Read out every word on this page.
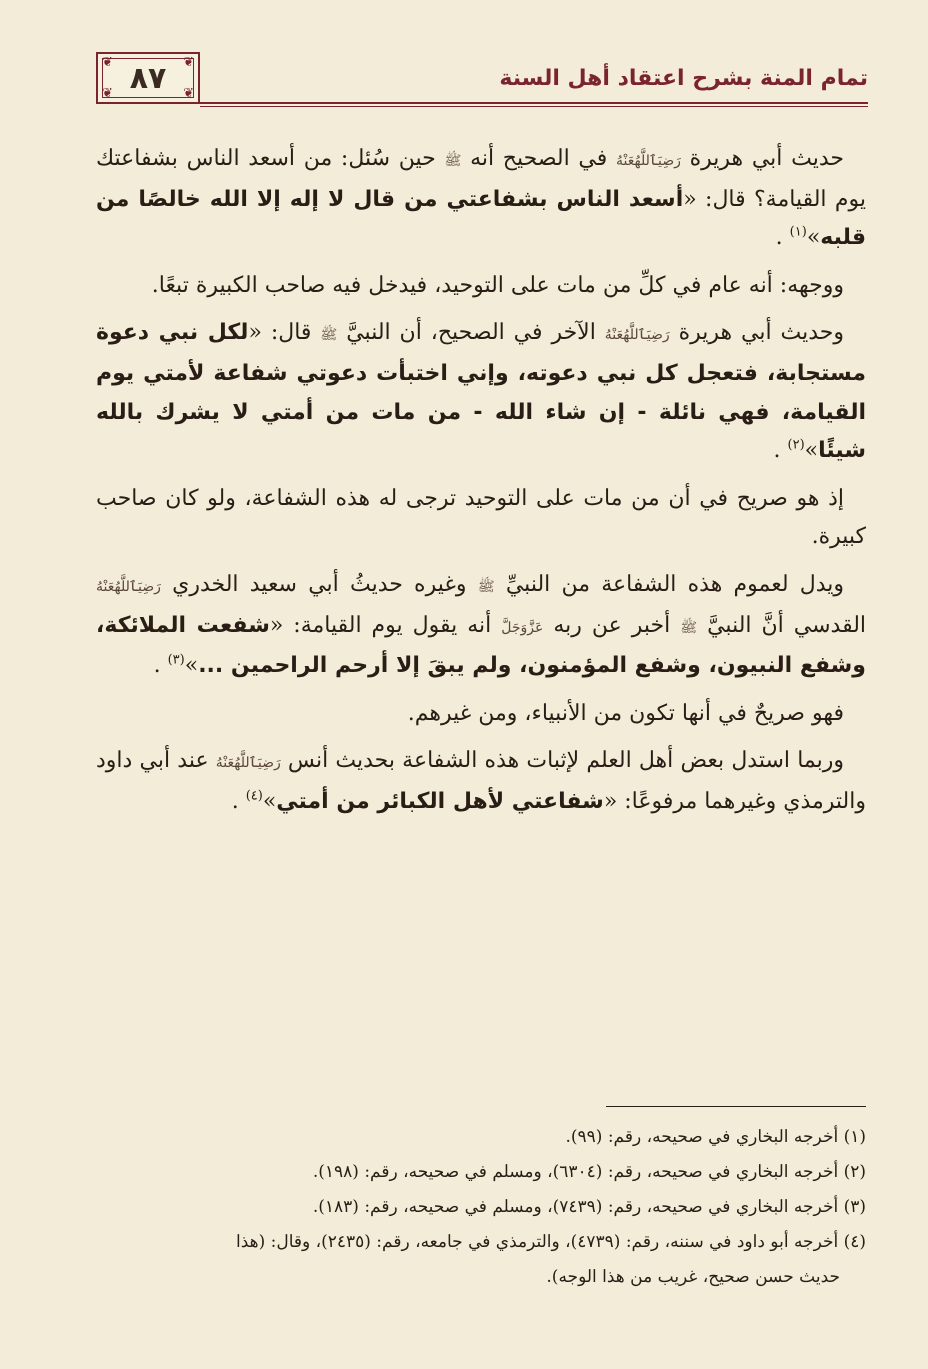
❦	❦
❦	❦
٨٧	تمام المنة بشرح اعتقاد أهل السنة

حديث أبي هريرة رَضِيَٱللَّهُعَنْهُ في الصحيح أنه ﷺ حين سُئل: من أسعد الناس بشفاعتك يوم القيامة؟ قال: «أسعد الناس بشفاعتي من قال لا إله إلا الله خالصًا من قلبه»$^{(١)}$ .

ووجهه: أنه عام في كلِّ من مات على التوحيد، فيدخل فيه صاحب الكبيرة تبعًا.

وحديث أبي هريرة رَضِيَٱللَّهُعَنْهُ الآخر في الصحيح، أن النبيَّ ﷺ قال: «لكل نبي دعوة مستجابة، فتعجل كل نبي دعوته، وإني اختبأت دعوتي شفاعة لأمتي يوم القيامة، فهي نائلة - إن شاء الله - من مات من أمتي لا يشرك بالله شيئًا»$^{(٢)}$ .

إذ هو صريح في أن من مات على التوحيد ترجى له هذه الشفاعة، ولو كان صاحب كبيرة.

ويدل لعموم هذه الشفاعة من النبيِّ ﷺ وغيره حديثُ أبي سعيد الخدري رَضِيَٱللَّهُعَنْهُ القدسي أنَّ النبيَّ ﷺ أخبر عن ربه عَزَّوَجَلَّ أنه يقول يوم القيامة: «شفعت الملائكة، وشفع النبيون، وشفع المؤمنون، ولم يبقَ إلا أرحم الراحمين ...»$^{(٣)}$ .

فهو صريحٌ في أنها تكون من الأنبياء، ومن غيرهم.

وربما استدل بعض أهل العلم لإثبات هذه الشفاعة بحديث أنس رَضِيَٱللَّهُعَنْهُ عند أبي داود والترمذي وغيرهما مرفوعًا: «شفاعتي لأهل الكبائر من أمتي»$^{(٤)}$ .

(١) أخرجه البخاري في صحيحه، رقم: (٩٩).

(٢) أخرجه البخاري في صحيحه، رقم: (٦٣٠٤)، ومسلم في صحيحه، رقم: (١٩٨).

(٣) أخرجه البخاري في صحيحه، رقم: (٧٤٣٩)، ومسلم في صحيحه، رقم: (١٨٣).

(٤) أخرجه أبو داود في سننه، رقم: (٤٧٣٩)، والترمذي في جامعه، رقم: (٢٤٣٥)، وقال: (هذا

حديث حسن صحيح، غريب من هذا الوجه).
